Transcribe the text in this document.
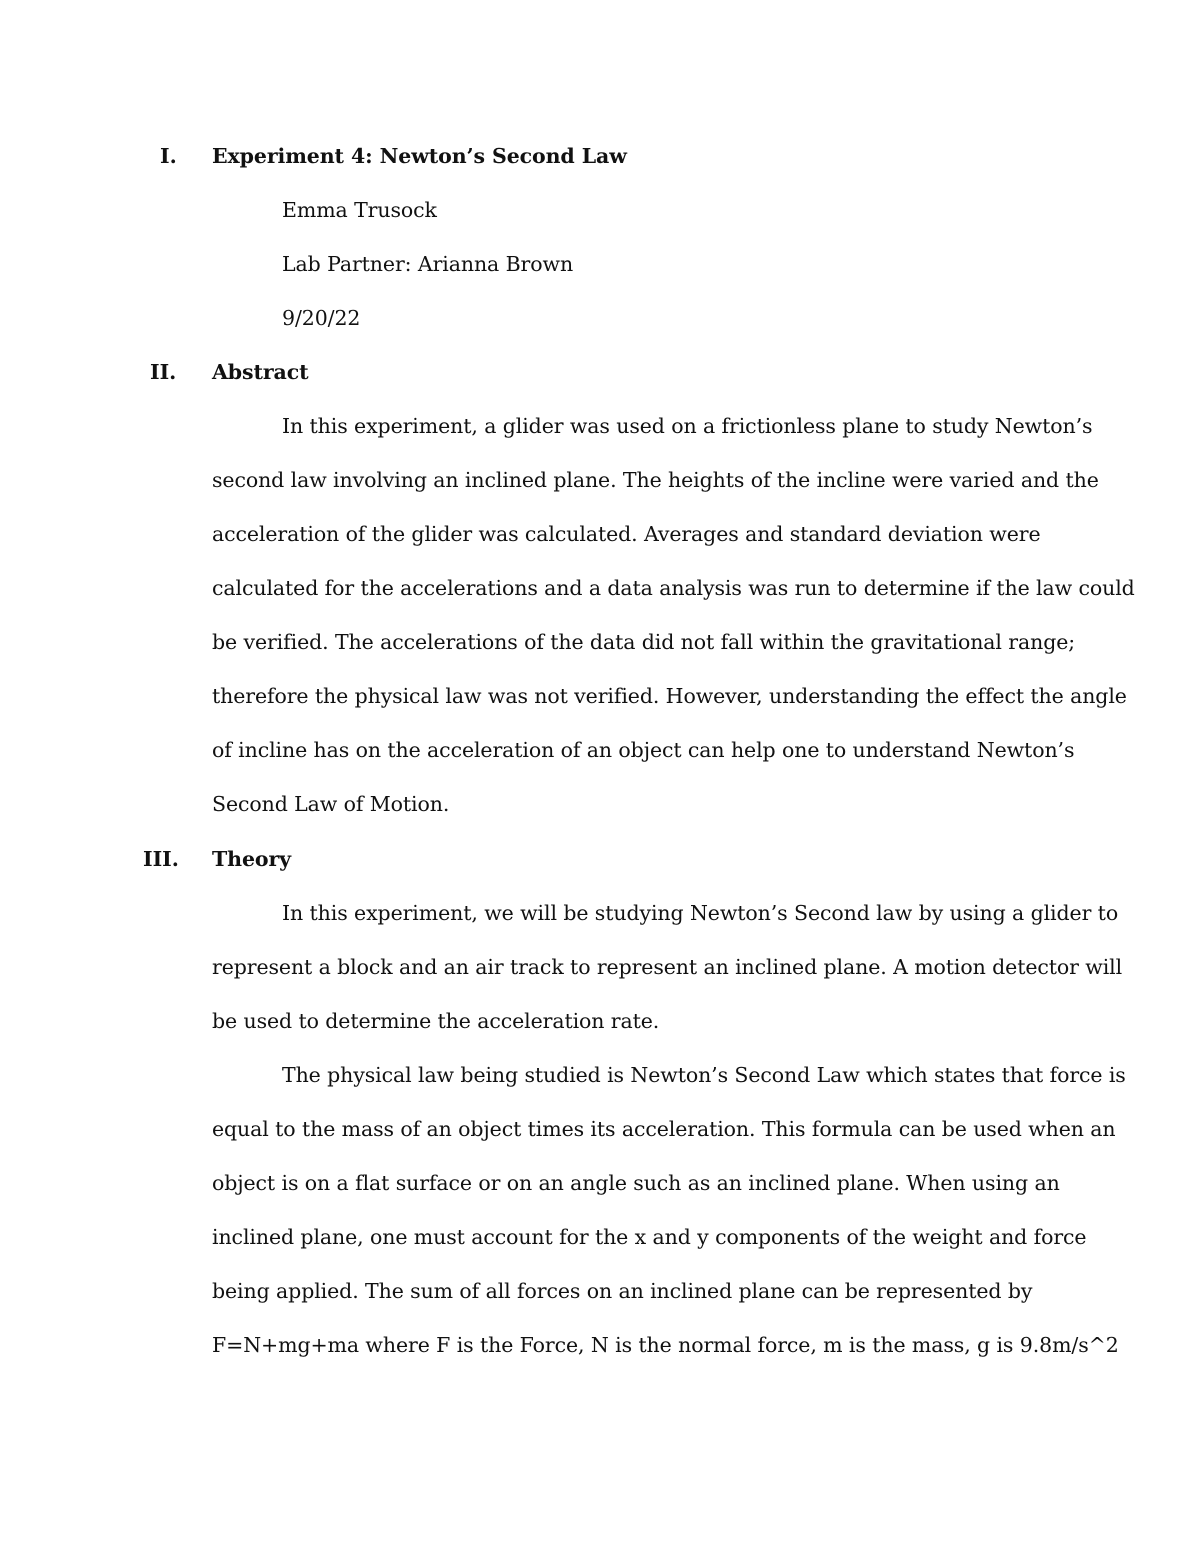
I. Experiment 4: Newton’s Second Law
Emma Trusock
Lab Partner: Arianna Brown
9/20/22
II. Abstract
In this experiment, a glider was used on a frictionless plane to study Newton’s
second law involving an inclined plane. The heights of the incline were varied and the
acceleration of the glider was calculated. Averages and standard deviation were
calculated for the accelerations and a data analysis was run to determine if the law could
be verified. The accelerations of the data did not fall within the gravitational range;
therefore the physical law was not verified. However, understanding the effect the angle
of incline has on the acceleration of an object can help one to understand Newton’s
Second Law of Motion.
III. Theory
In this experiment, we will be studying Newton’s Second law by using a glider to
represent a block and an air track to represent an inclined plane. A motion detector will
be used to determine the acceleration rate.
The physical law being studied is Newton’s Second Law which states that force is
equal to the mass of an object times its acceleration. This formula can be used when an
object is on a flat surface or on an angle such as an inclined plane. When using an
inclined plane, one must account for the x and y components of the weight and force
being applied. The sum of all forces on an inclined plane can be represented by
F=N+mg+ma where F is the Force, N is the normal force, m is the mass, g is 9.8m/s^2
